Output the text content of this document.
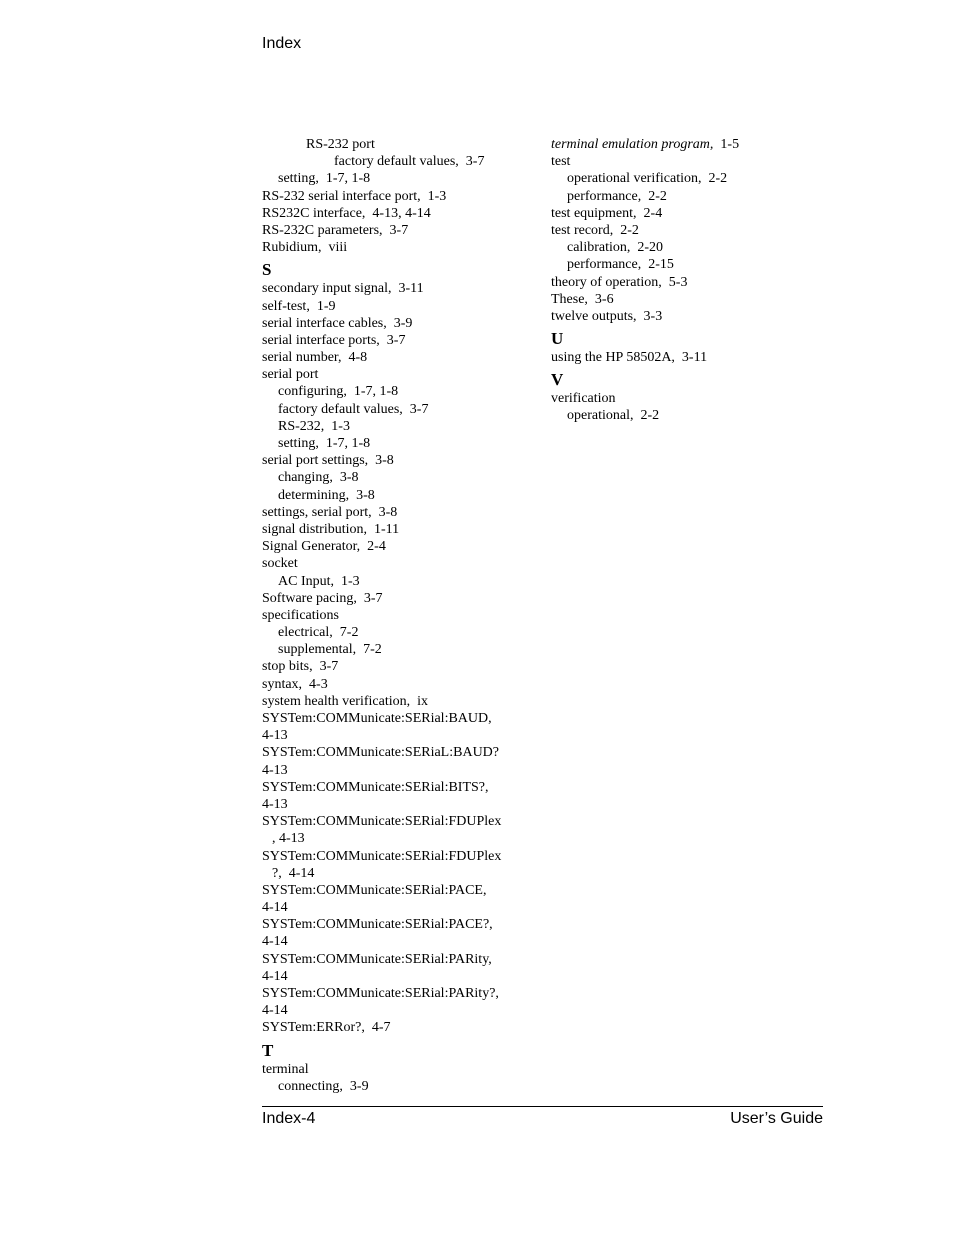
Index
RS-232 port
factory default values,  3-7
setting,  1-7, 1-8
RS-232 serial interface port,  1-3
RS232C interface,  4-13, 4-14
RS-232C parameters,  3-7
Rubidium,  viii
S
secondary input signal,  3-11
self-test,  1-9
serial interface cables,  3-9
serial interface ports,  3-7
serial number,  4-8
serial port
configuring,  1-7, 1-8
factory default values,  3-7
RS-232,  1-3
setting,  1-7, 1-8
serial port settings,  3-8
changing,  3-8
determining,  3-8
settings, serial port,  3-8
signal distribution,  1-11
Signal Generator,  2-4
socket
AC Input,  1-3
Software pacing,  3-7
specifications
electrical,  7-2
supplemental,  7-2
stop bits,  3-7
syntax,  4-3
system health verification,  ix
SYSTem:COMMunicate:SERial:BAUD,
4-13
SYSTem:COMMunicate:SERiaL:BAUD?
4-13
SYSTem:COMMunicate:SERial:BITS?,
4-13
SYSTem:COMMunicate:SERial:FDUPlex
, 4-13
SYSTem:COMMunicate:SERial:FDUPlex
?,  4-14
SYSTem:COMMunicate:SERial:PACE,
4-14
SYSTem:COMMunicate:SERial:PACE?,
4-14
SYSTem:COMMunicate:SERial:PARity,
4-14
SYSTem:COMMunicate:SERial:PARity?,
4-14
SYSTem:ERRor?,  4-7
T
terminal
connecting,  3-9
terminal emulation program,  1-5
test
operational verification,  2-2
performance,  2-2
test equipment,  2-4
test record,  2-2
calibration,  2-20
performance,  2-15
theory of operation,  5-3
These,  3-6
twelve outputs,  3-3
U
using the HP 58502A,  3-11
V
verification
operational,  2-2
Index-4	User’s Guide
